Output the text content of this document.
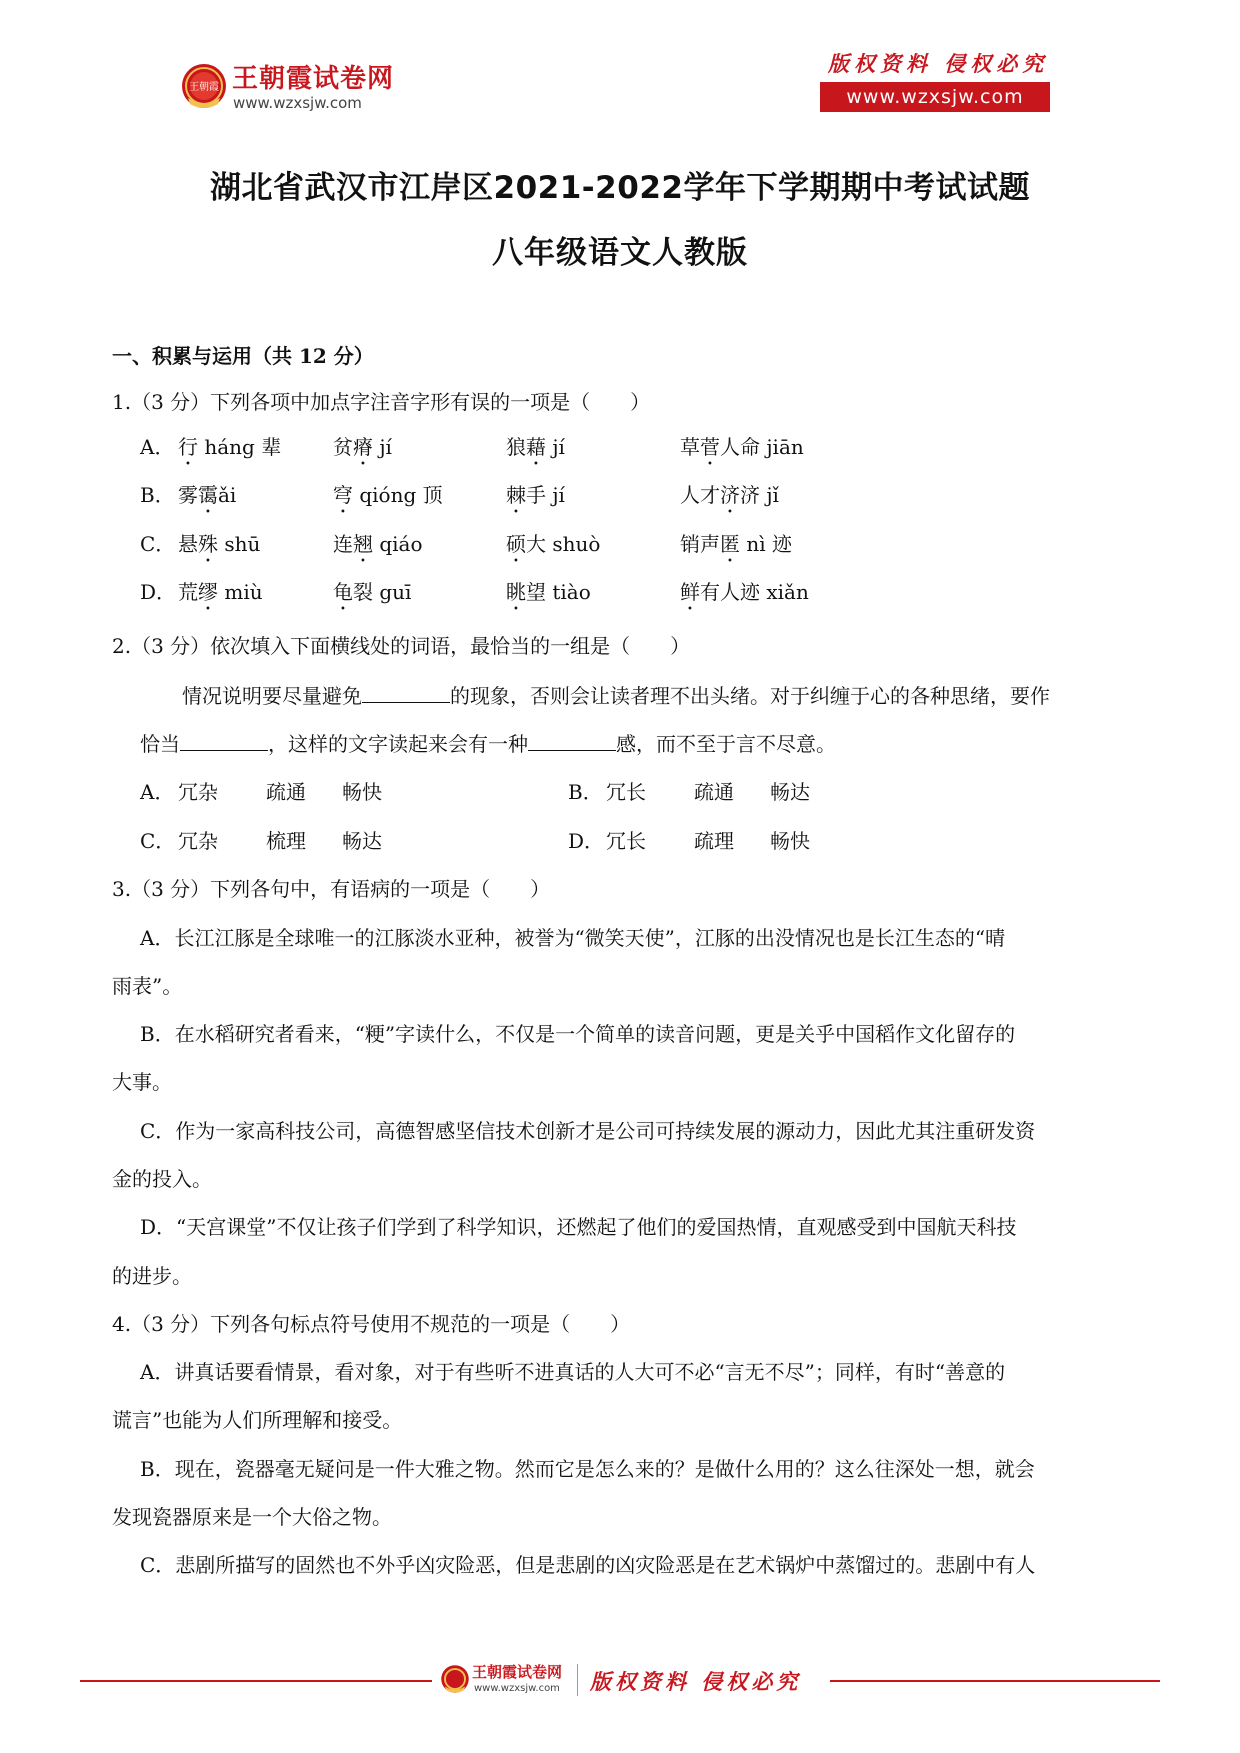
王朝霞 王朝霞试卷网
www.wzxsjw.com
版权资料 侵权必究
www.wzxsjw.com
湖北省武汉市江岸区2021-2022学年下学期期中考试试题
八年级语文人教版
一、积累与运用（共 12 分）
1.（3 分）下列各项中加点字注音字形有误的一项是（　　）
A． 行 háng 辈	贫瘠 jí	狼藉 jí	草菅人命 jiān
B． 雾霭ǎi	穹 qióng 顶	棘手 jí	人才济济 jǐ
C． 悬殊 shū	连翘 qiáo	硕大 shuò	销声匿 nì 迹
D． 荒缪 miù	龟裂 guī	眺望 tiào	鲜有人迹 xiǎn
2.（3 分）依次填入下面横线处的词语，最恰当的一组是（　　）
情况说明要尽量避免	的现象，否则会让读者理不出头绪。对于纠缠于心的各种思绪，要作
恰当	，这样的文字读起来会有一种	感，而不至于言不尽意。
A． 冗杂 疏通 畅快	B． 冗长 疏通 畅达
C． 冗杂 梳理 畅达	D． 冗长 疏理 畅快
3.（3 分）下列各句中，有语病的一项是（　　）
A．长江江豚是全球唯一的江豚淡水亚种，被誉为“微笑天使”，江豚的出没情况也是长江生态的“晴
雨表”。
B．在水稻研究者看来，“粳”字读什么，不仅是一个简单的读音问题，更是关乎中国稻作文化留存的
大事。
C．作为一家高科技公司，高德智感坚信技术创新才是公司可持续发展的源动力，因此尤其注重研发资
金的投入。
D．“天宫课堂”不仅让孩子们学到了科学知识，还燃起了他们的爱国热情，直观感受到中国航天科技
的进步。
4.（3 分）下列各句标点符号使用不规范的一项是（　　）
A．讲真话要看情景，看对象，对于有些听不进真话的人大可不必“言无不尽”；同样，有时“善意的
谎言”也能为人们所理解和接受。
B．现在，瓷器毫无疑问是一件大雅之物。然而它是怎么来的？是做什么用的？这么往深处一想，就会
发现瓷器原来是一个大俗之物。
C．悲剧所描写的固然也不外乎凶灾险恶，但是悲剧的凶灾险恶是在艺术锅炉中蒸馏过的。悲剧中有人
王朝霞试卷网
www.wzxsjw.com 版权资料 侵权必究
